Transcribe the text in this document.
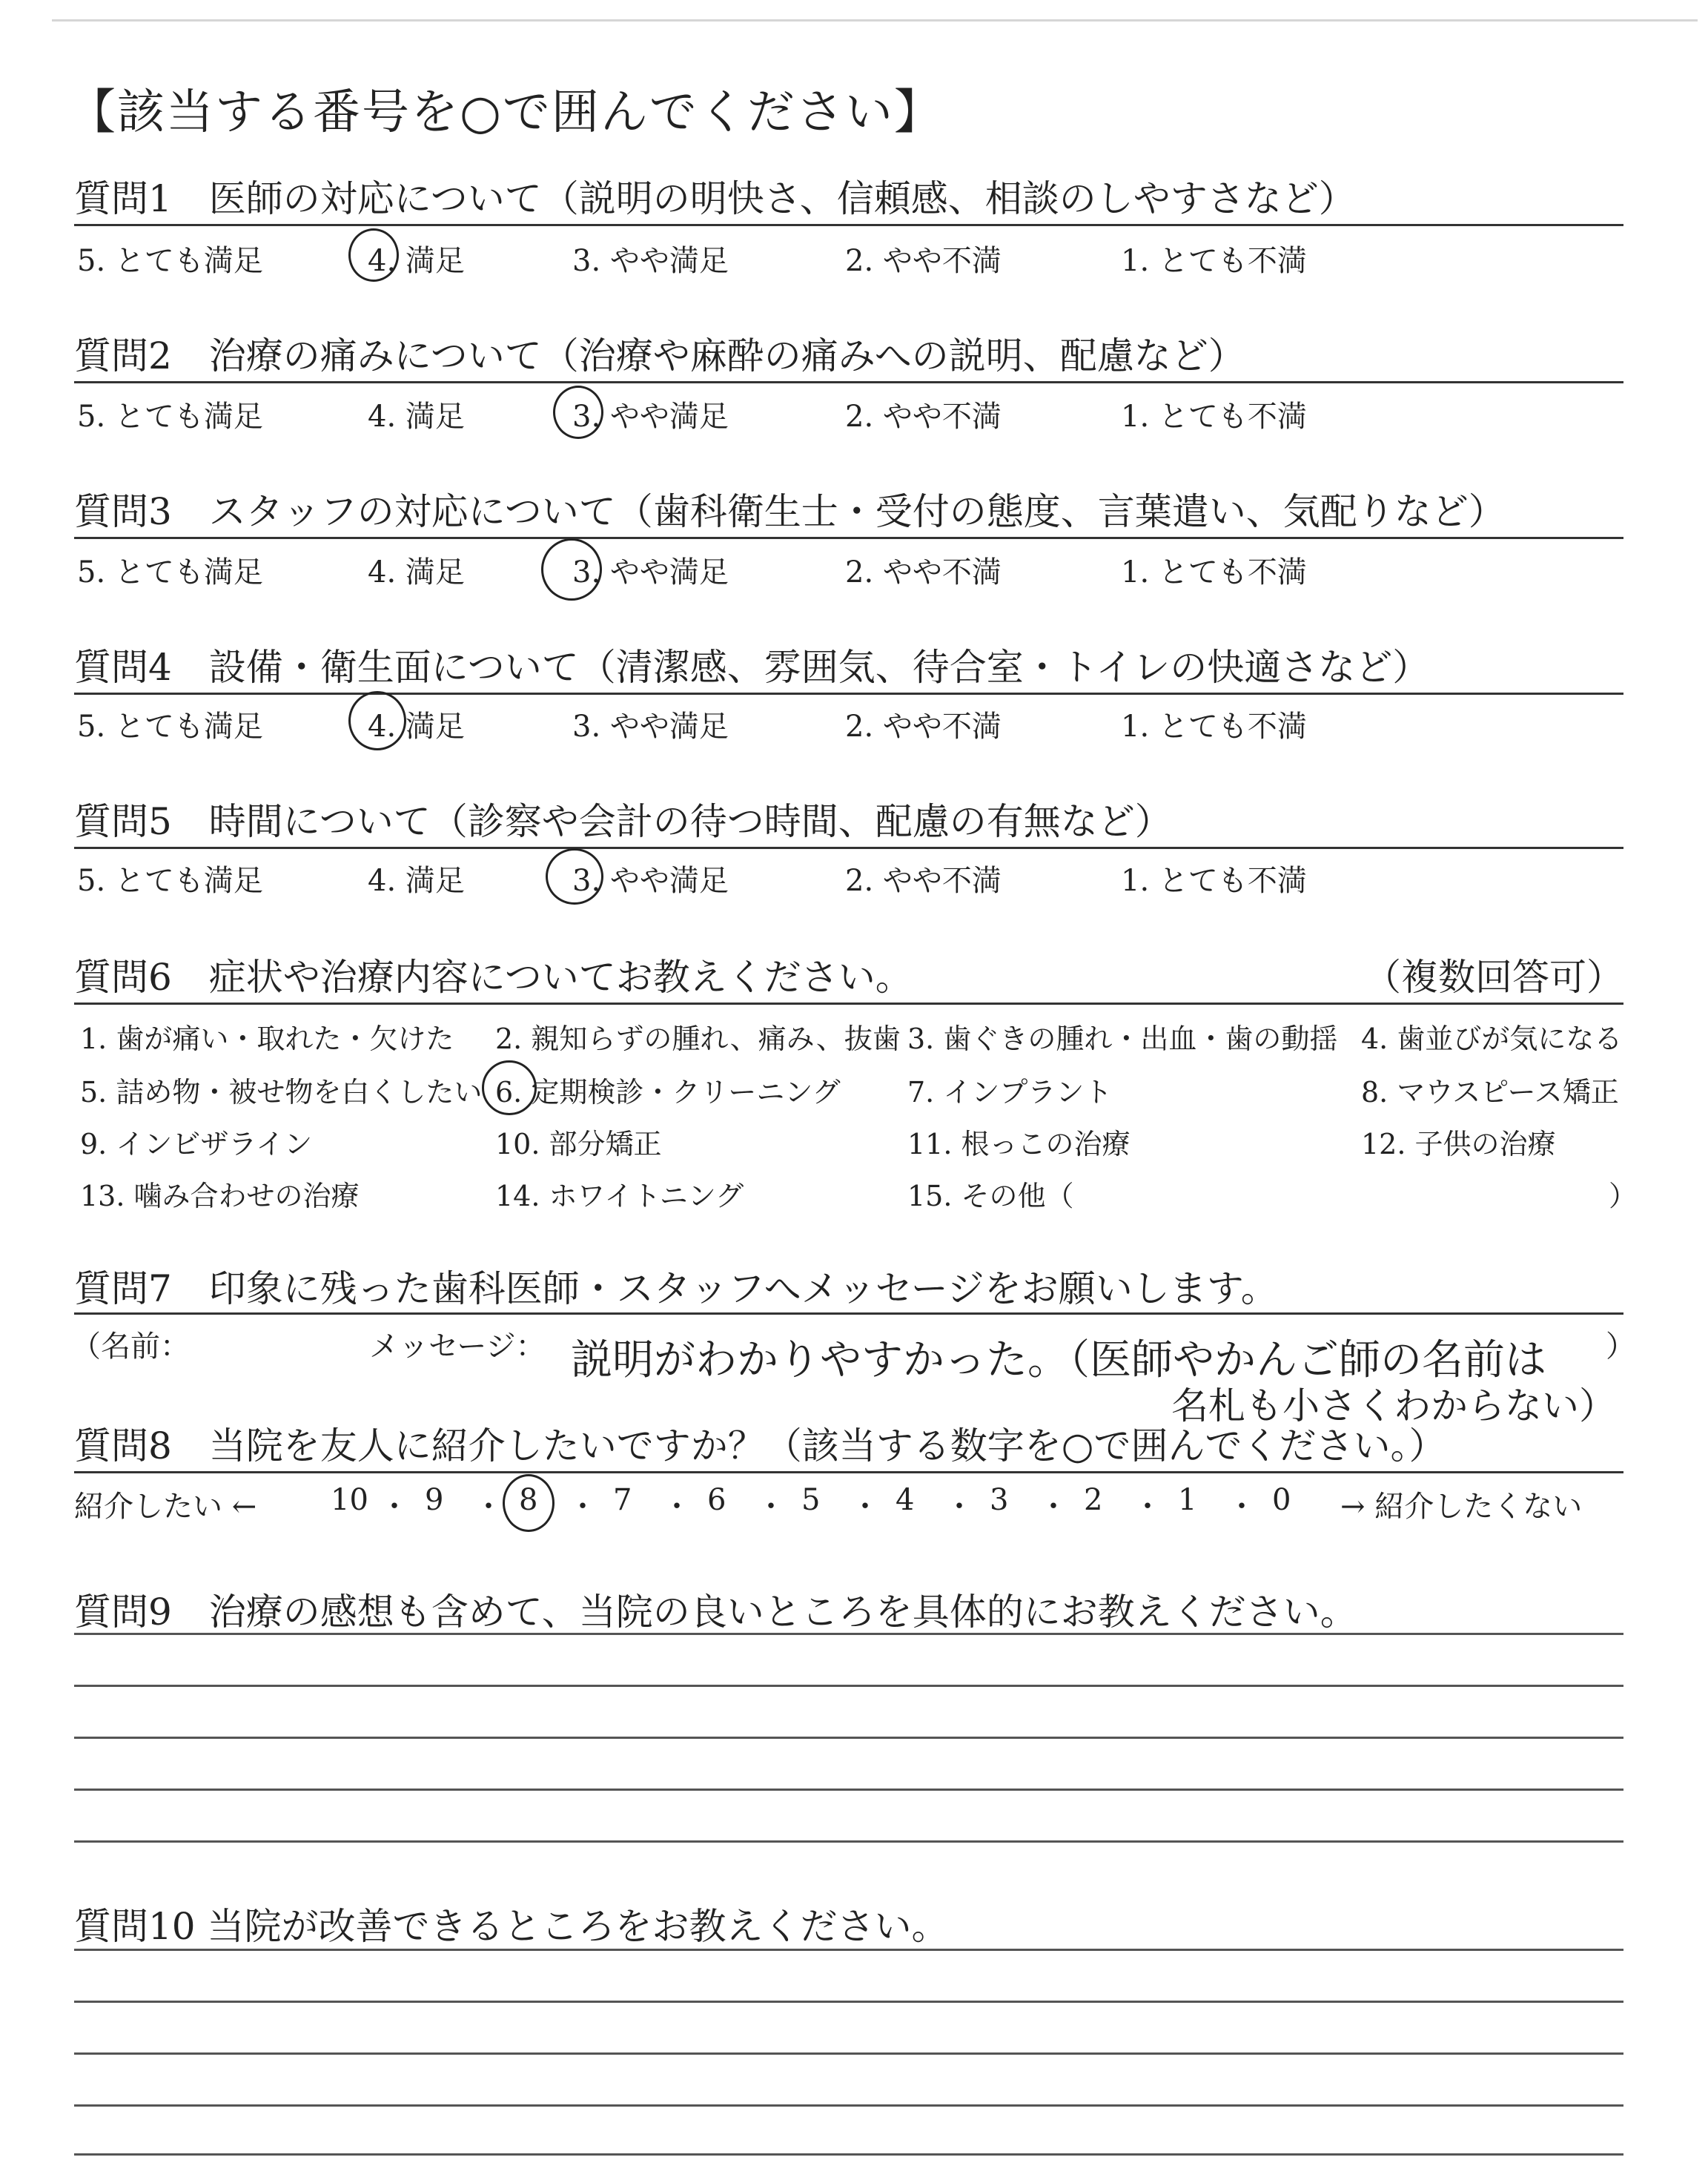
【該当する番号を○で囲んでください】
質問1　医師の対応について（説明の明快さ、信頼感、相談のしやすさなど）
5. とても満足	4. 満足	3. やや満足	2. やや不満	1. とても不満
質問2　治療の痛みについて（治療や麻酔の痛みへの説明、配慮など）
5. とても満足	4. 満足	3. やや満足	2. やや不満	1. とても不満
質問3　スタッフの対応について（歯科衛生士・受付の態度、言葉遣い、気配りなど）
5. とても満足	4. 満足	3. やや満足	2. やや不満	1. とても不満
質問4　設備・衛生面について（清潔感、雰囲気、待合室・トイレの快適さなど）
5. とても満足	4. 満足	3. やや満足	2. やや不満	1. とても不満
質問5　時間について（診察や会計の待つ時間、配慮の有無など）
5. とても満足	4. 満足	3. やや満足	2. やや不満	1. とても不満
質問6　症状や治療内容についてお教えください。	（複数回答可）
1. 歯が痛い・取れた・欠けた 2. 親知らずの腫れ、痛み、抜歯 3. 歯ぐきの腫れ・出血・歯の動揺 4. 歯並びが気になる
5. 詰め物・被せ物を白くしたい 6. 定期検診・クリーニング 7. インプラント	8. マウスピース矯正
9. インビザライン	10. 部分矯正	11. 根っこの治療	12. 子供の治療
13. 噛み合わせの治療	14. ホワイトニング	15. その他（	）
質問7　印象に残った歯科医師・スタッフへメッセージをお願いします。
（名前：	メッセージ： 説明がわかりやすかった。（医師やかんご師の名前は
名札も小さくわからない）
）
質問8　当院を友人に紹介したいですか？（該当する数字を○で囲んでください。）
紹介したい ←	→ 紹介したくない
10 ・ 9 ・ 8 ・ 7 ・ 6 ・ 5 ・ 4 ・ 3 ・ 2 ・ 1 ・ 0
質問9　治療の感想も含めて、当院の良いところを具体的にお教えください。
質問10 当院が改善できるところをお教えください。
